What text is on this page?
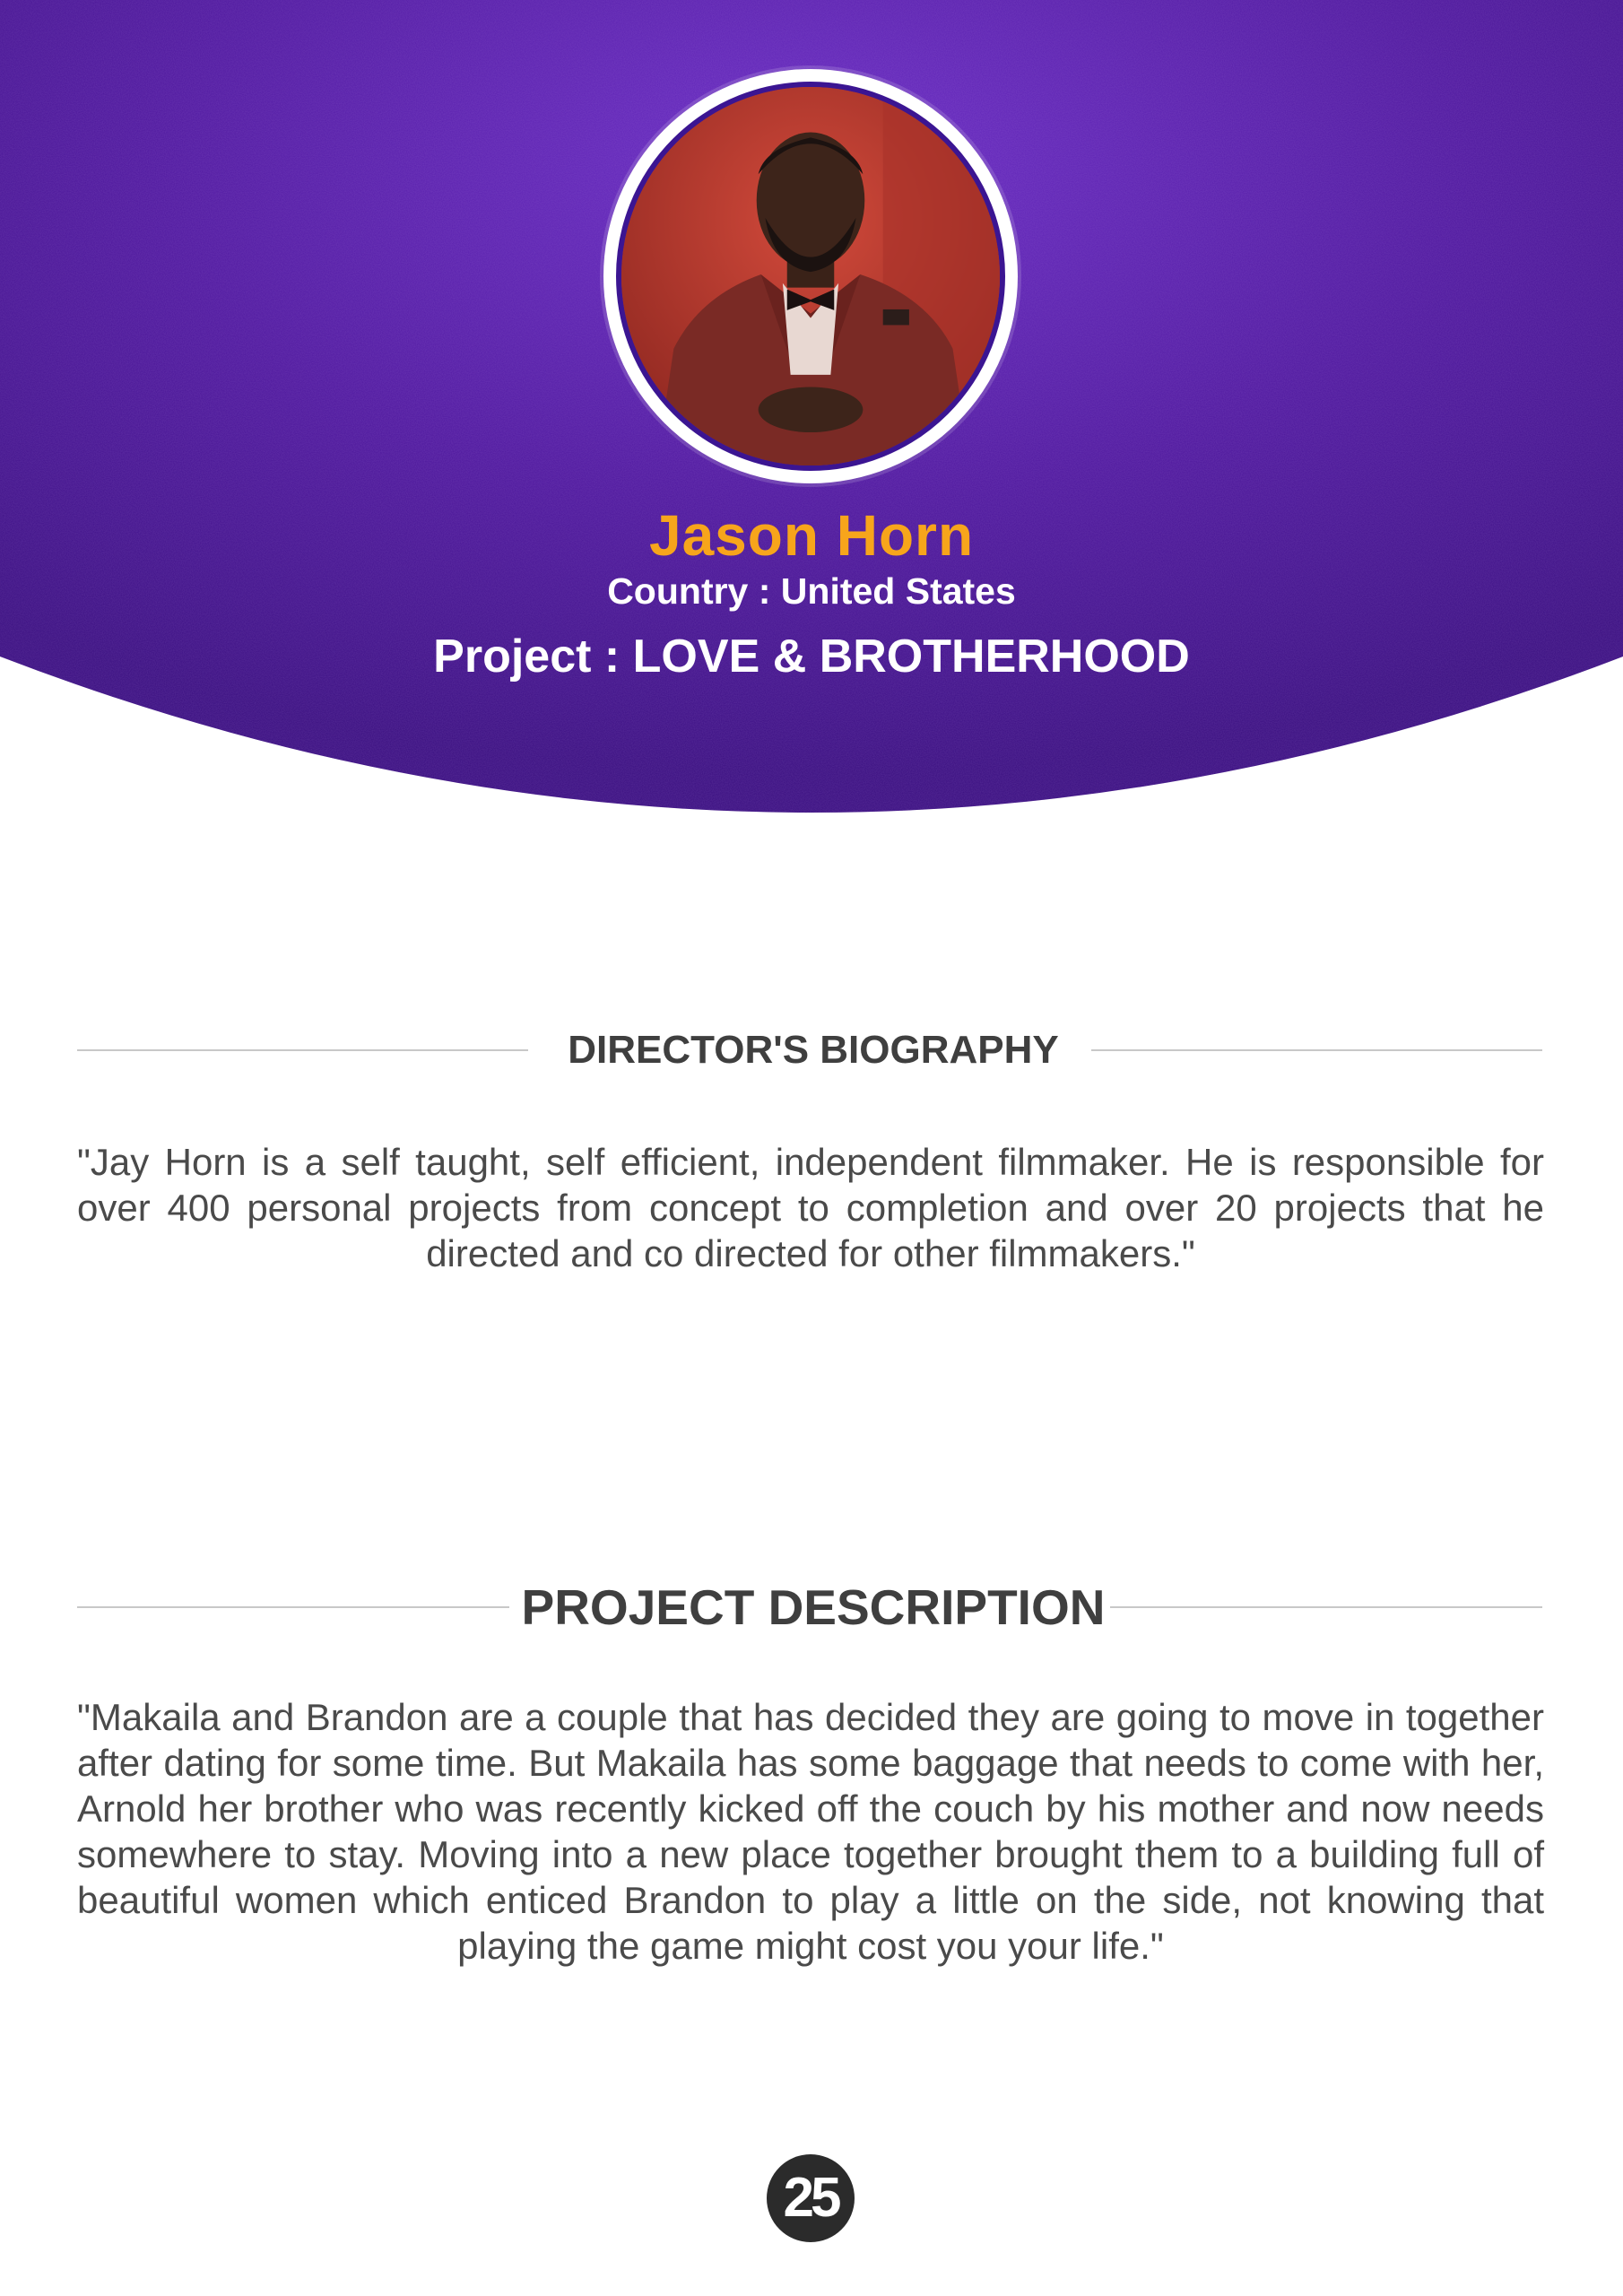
Jason Horn
Country : United States
Project : LOVE & BROTHERHOOD
DIRECTOR'S BIOGRAPHY
"Jay Horn is a self taught, self efficient, independent filmmaker. He is responsible for over 400 personal projects from concept to completion and over 20 projects that he directed and co directed for other filmmakers."
PROJECT DESCRIPTION
"Makaila and Brandon are a couple that has decided they are going to move in together after dating for some time. But Makaila has some baggage that needs to come with her, Arnold her brother who was recently kicked off the couch by his mother and now needs somewhere to stay. Moving into a new place together brought them to a building full of beautiful women which enticed Brandon to play a little on the side, not knowing that playing the game might cost you your life."
25
